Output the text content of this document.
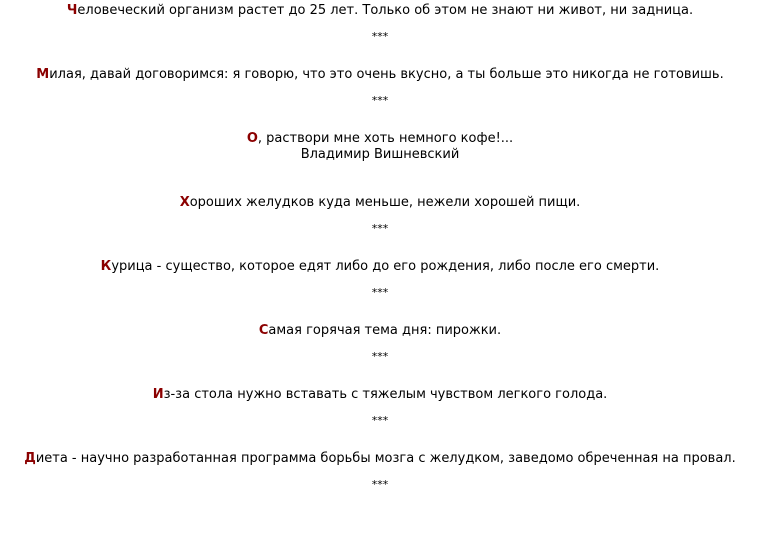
Человеческий организм растет до 25 лет. Только об этом не знают ни живот, ни задница.

***

Милая, давай договоримся: я говорю, что это очень вкусно, а ты больше это никогда не готовишь.

***

О, раствори мне хоть немного кофе!...

Владимир Вишневский

Хороших желудков куда меньше, нежели хорошей пищи.

***

Курица - существо, которое едят либо до его рождения, либо после его смерти.

***

Самая горячая тема дня: пирожки.

***

Из-за стола нужно вставать с тяжелым чувством легкого голода.

***

Диета - научно разработанная программа борьбы мозга с желудком, заведомо обреченная на провал.

***
